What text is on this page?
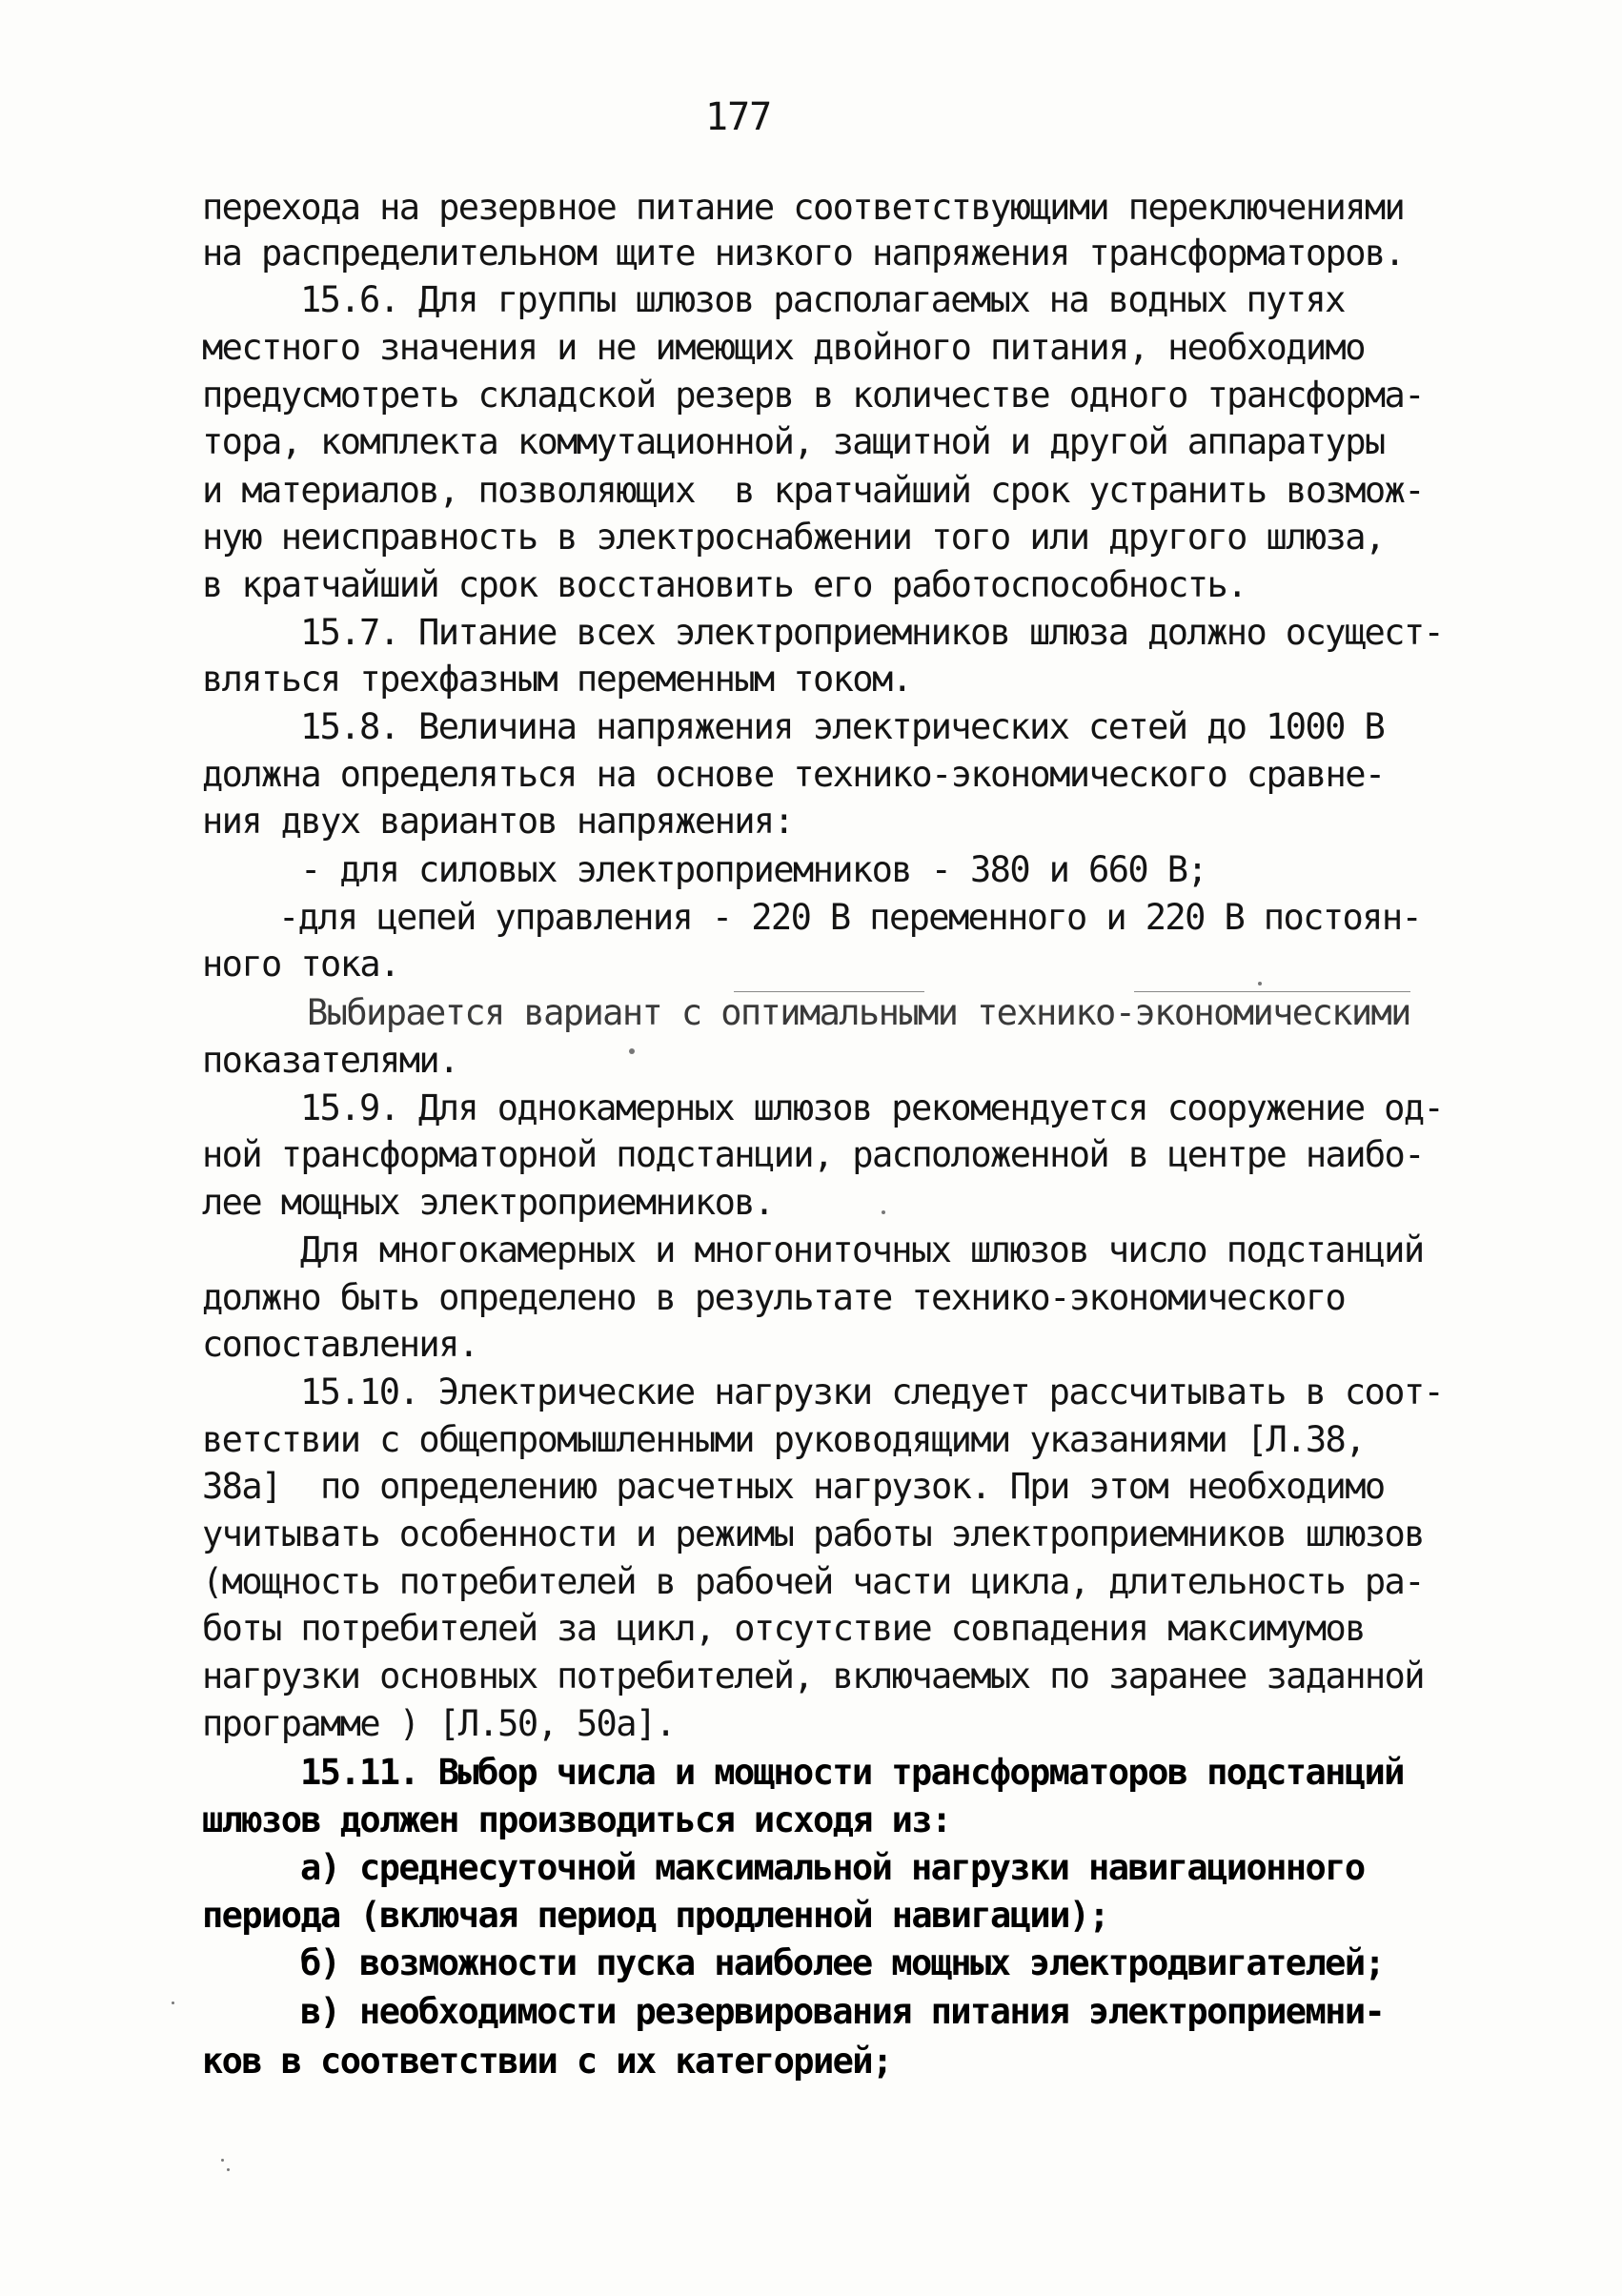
177
перехода на резервное питание соответствующими переключениями
на распределительном щите низкого напряжения трансформаторов.
15.6. Для группы шлюзов располагаемых на водных путях
местного значения и не имеющих двойного питания, необходимо
предусмотреть складской резерв в количестве одного трансформа-
тора, комплекта коммутационной, защитной и другой аппаратуры
и материалов, позволяющих  в кратчайший срок устранить возмож-
ную неисправность в электроснабжении того или другого шлюза,
в кратчайший срок восстановить его работоспособность.
15.7. Питание всех электроприемников шлюза должно осущест-
вляться трехфазным переменным током.
15.8. Величина напряжения электрических сетей до 1000 В
должна определяться на основе технико-экономического сравне-
ния двух вариантов напряжения:
- для силовых электроприемников - 380 и 660 В;
-для цепей управления - 220 В переменного и 220 В постоян-
ного тока.
Выбирается вариант с оптимальными технико-экономическими
показателями.
15.9. Для однокамерных шлюзов рекомендуется сооружение од-
ной трансформаторной подстанции, расположенной в центре наибо-
лее мощных электроприемников.
Для многокамерных и многониточных шлюзов число подстанций
должно быть определено в результате технико-экономического
сопоставления.
15.10. Электрические нагрузки следует рассчитывать в соот-
ветствии с общепромышленными руководящими указаниями [Л.38,
38а]  по определению расчетных нагрузок. При этом необходимо
учитывать особенности и режимы работы электроприемников шлюзов
(мощность потребителей в рабочей части цикла, длительность ра-
боты потребителей за цикл, отсутствие совпадения максимумов
нагрузки основных потребителей, включаемых по заранее заданной
программе ) [Л.50, 50а].
15.11. Выбор числа и мощности трансформаторов подстанций
шлюзов должен производиться исходя из:
а) среднесуточной максимальной нагрузки навигационного
периода (включая период продленной навигации);
б) возможности пуска наиболее мощных электродвигателей;
в) необходимости резервирования питания электроприемни-
ков в соответствии с их категорией;
